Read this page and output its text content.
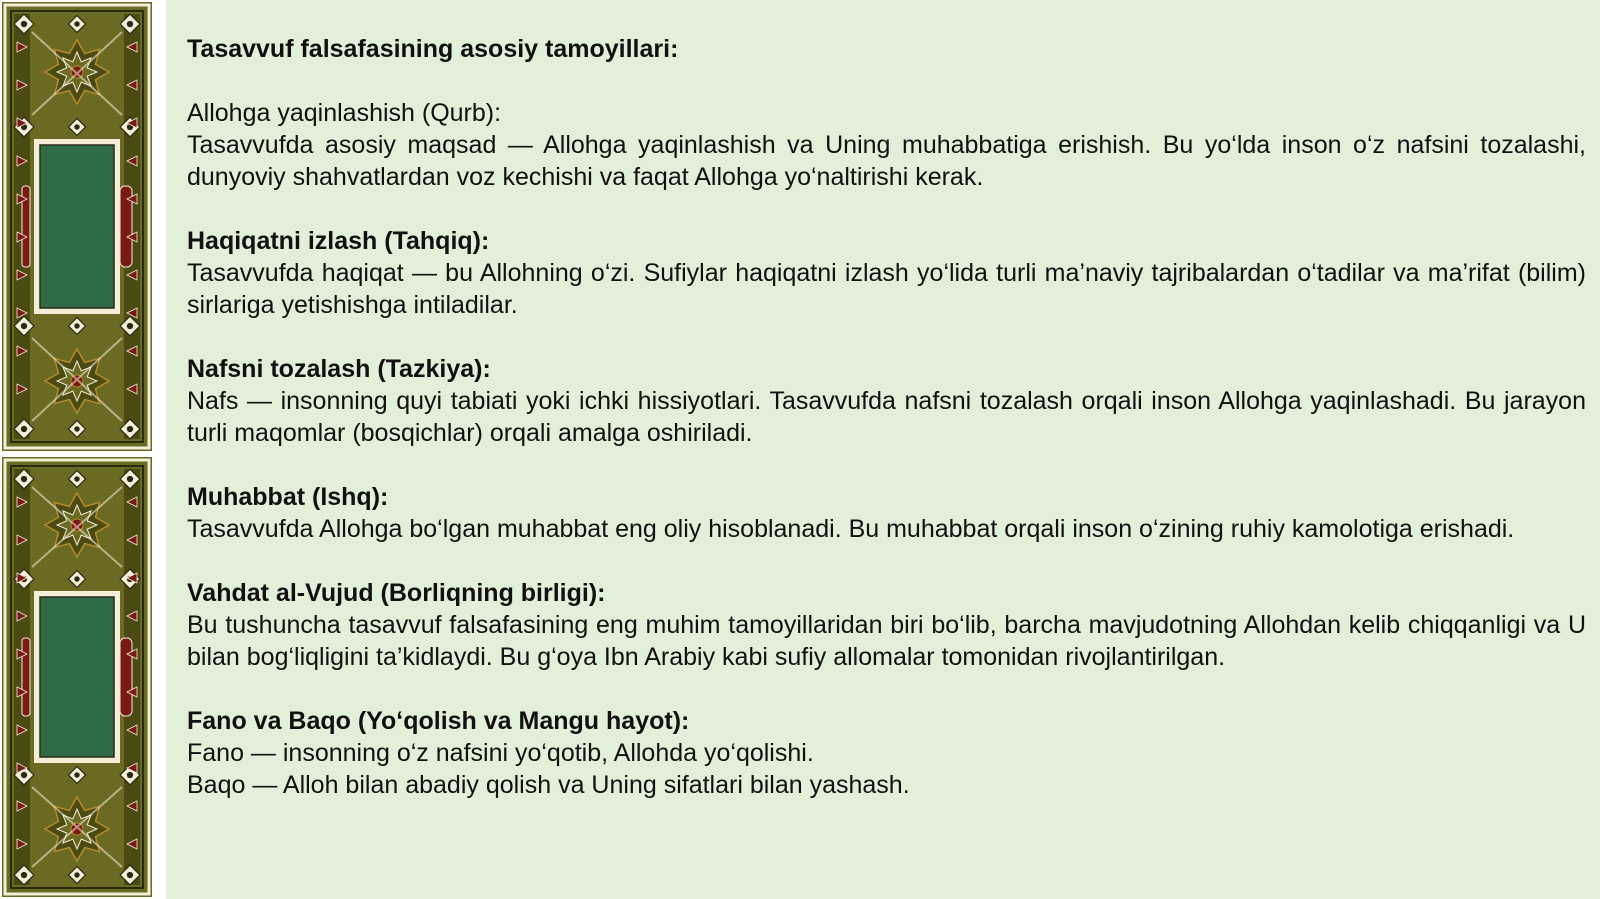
Tasavvuf falsafasining asosiy tamoyillari:

Allohga yaqinlashish (Qurb):

Tasavvufda asosiy maqsad — Allohga yaqinlashish va Uning muhabbatiga erishish. Bu yo‘lda inson o‘z nafsini tozalashi, dunyoviy shahvatlardan voz kechishi va faqat Allohga yo‘naltirishi kerak.

Haqiqatni izlash (Tahqiq):

Tasavvufda haqiqat — bu Allohning o‘zi. Sufiylar haqiqatni izlash yo‘lida turli ma’naviy tajribalardan o‘tadilar va ma’rifat (bilim) sirlariga yetishishga intiladilar.

Nafsni tozalash (Tazkiya):

Nafs — insonning quyi tabiati yoki ichki hissiyotlari. Tasavvufda nafsni tozalash orqali inson Allohga yaqinlashadi. Bu jarayon turli maqomlar (bosqichlar) orqali amalga oshiriladi.

Muhabbat (Ishq):

Tasavvufda Allohga bo‘lgan muhabbat eng oliy hisoblanadi. Bu muhabbat orqali inson o‘zining ruhiy kamolotiga erishadi.

Vahdat al-Vujud (Borliqning birligi):

Bu tushuncha tasavvuf falsafasining eng muhim tamoyillaridan biri bo‘lib, barcha mavjudotning Allohdan kelib chiqqanligi va U bilan bog‘liqligini ta’kidlaydi. Bu g‘oya Ibn Arabiy kabi sufiy allomalar tomonidan rivojlantirilgan.

Fano va Baqo (Yo‘qolish va Mangu hayot):

Fano — insonning o‘z nafsini yo‘qotib, Allohda yo‘qolishi.

Baqo — Alloh bilan abadiy qolish va Uning sifatlari bilan yashash.
